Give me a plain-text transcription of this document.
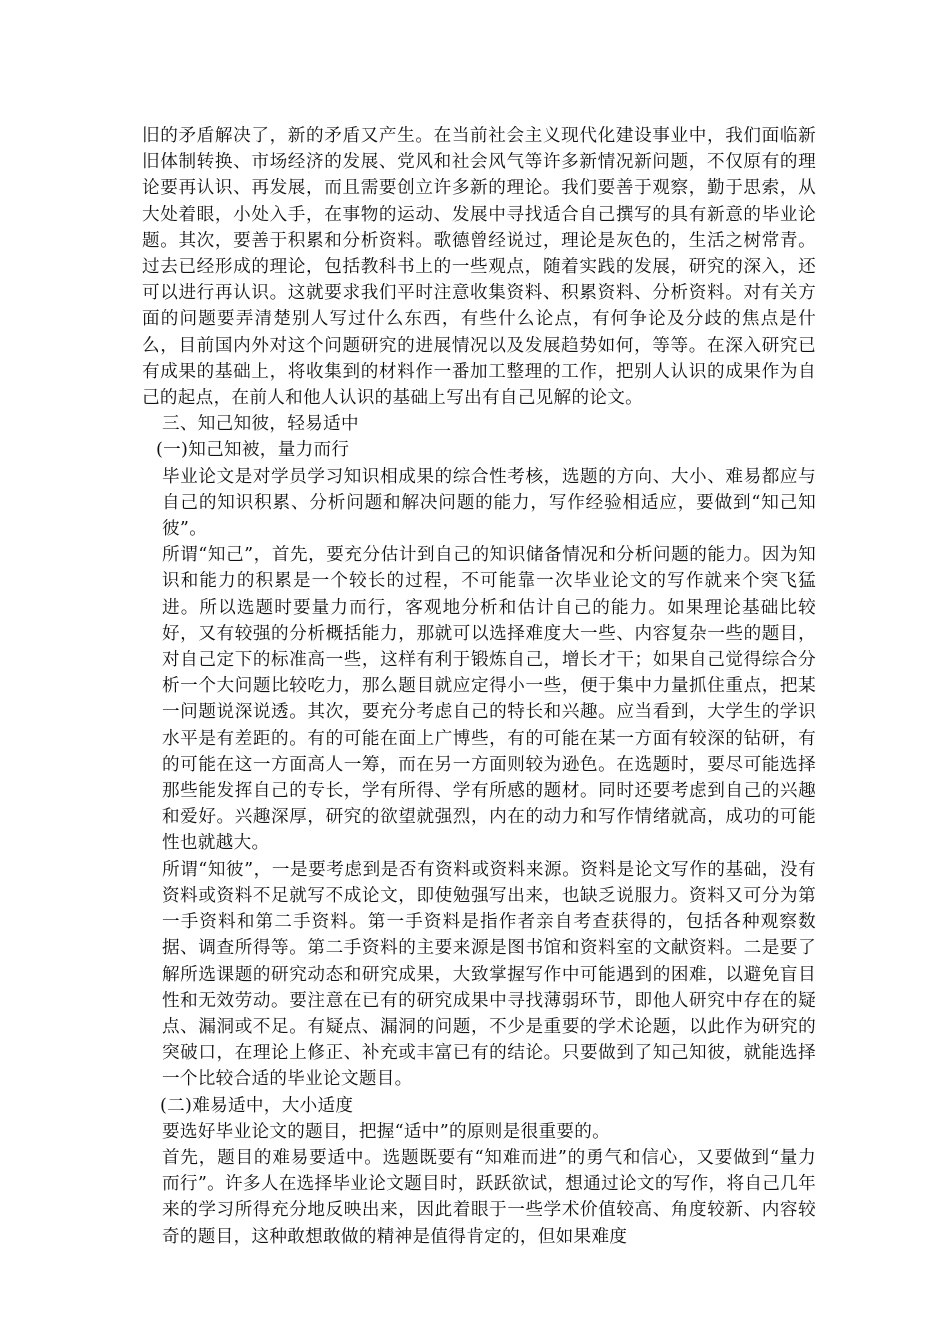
旧的矛盾解决了，新的矛盾又产生。在当前社会主义现代化建设事业中，我们面临新旧体制转换、市场经济的发展、党风和社会风气等许多新情况新问题，不仅原有的理论要再认识、再发展，而且需要创立许多新的理论。我们要善于观察，勤于思索，从大处着眼，小处入手，在事物的运动、发展中寻找适合自己撰写的具有新意的毕业论题。其次，要善于积累和分析资料。歌德曾经说过，理论是灰色的，生活之树常青。过去已经形成的理论，包括教科书上的一些观点，随着实践的发展，研究的深入，还可以进行再认识。这就要求我们平时注意收集资料、积累资料、分析资料。对有关方面的问题要弄清楚别人写过什么东西，有些什么论点，有何争论及分歧的焦点是什么，目前国内外对这个问题研究的进展情况以及发展趋势如何，等等。在深入研究已有成果的基础上，将收集到的材料作一番加工整理的工作，把别人认识的成果作为自己的起点，在前人和他人认识的基础上写出有自己见解的论文。

三、知己知彼，轻易适中

(一)知己知被，量力而行

毕业论文是对学员学习知识相成果的综合性考核，选题的方向、大小、难易都应与自己的知识积累、分析问题和解决问题的能力，写作经验相适应，要做到“知己知彼”。

所谓“知己”，首先，要充分估计到自己的知识储备情况和分析问题的能力。因为知识和能力的积累是一个较长的过程，不可能靠一次毕业论文的写作就来个突飞猛进。所以选题时要量力而行，客观地分析和估计自己的能力。如果理论基础比较好，又有较强的分析概括能力，那就可以选择难度大一些、内容复杂一些的题目，对自己定下的标准高一些，这样有利于锻炼自己，增长才干；如果自己觉得综合分析一个大问题比较吃力，那么题目就应定得小一些，便于集中力量抓住重点，把某一问题说深说透。其次，要充分考虑自己的特长和兴趣。应当看到，大学生的学识水平是有差距的。有的可能在面上广博些，有的可能在某一方面有较深的钻研，有的可能在这一方面高人一筹，而在另一方面则较为逊色。在选题时，要尽可能选择那些能发挥自己的专长，学有所得、学有所感的题材。同时还要考虑到自己的兴趣和爱好。兴趣深厚，研究的欲望就强烈，内在的动力和写作情绪就高，成功的可能性也就越大。

所谓“知彼”，一是要考虑到是否有资料或资料来源。资料是论文写作的基础，没有资料或资料不足就写不成论文，即使勉强写出来，也缺乏说服力。资料又可分为第一手资料和第二手资料。第一手资料是指作者亲自考查获得的，包括各种观察数据、调查所得等。第二手资料的主要来源是图书馆和资料室的文献资料。二是要了解所选课题的研究动态和研究成果，大致掌握写作中可能遇到的困难，以避免盲目性和无效劳动。要注意在已有的研究成果中寻找薄弱环节，即他人研究中存在的疑点、漏洞或不足。有疑点、漏洞的问题，不少是重要的学术论题，以此作为研究的突破口，在理论上修正、补充或丰富已有的结论。只要做到了知己知彼，就能选择一个比较合适的毕业论文题目。

(二)难易适中，大小适度

要选好毕业论文的题目，把握“适中”的原则是很重要的。

首先，题目的难易要适中。选题既要有“知难而进”的勇气和信心，又要做到“量力而行”。许多人在选择毕业论文题目时，跃跃欲试，想通过论文的写作，将自己几年来的学习所得充分地反映出来，因此着眼于一些学术价值较高、角度较新、内容较奇的题目，这种敢想敢做的精神是值得肯定的，但如果难度
